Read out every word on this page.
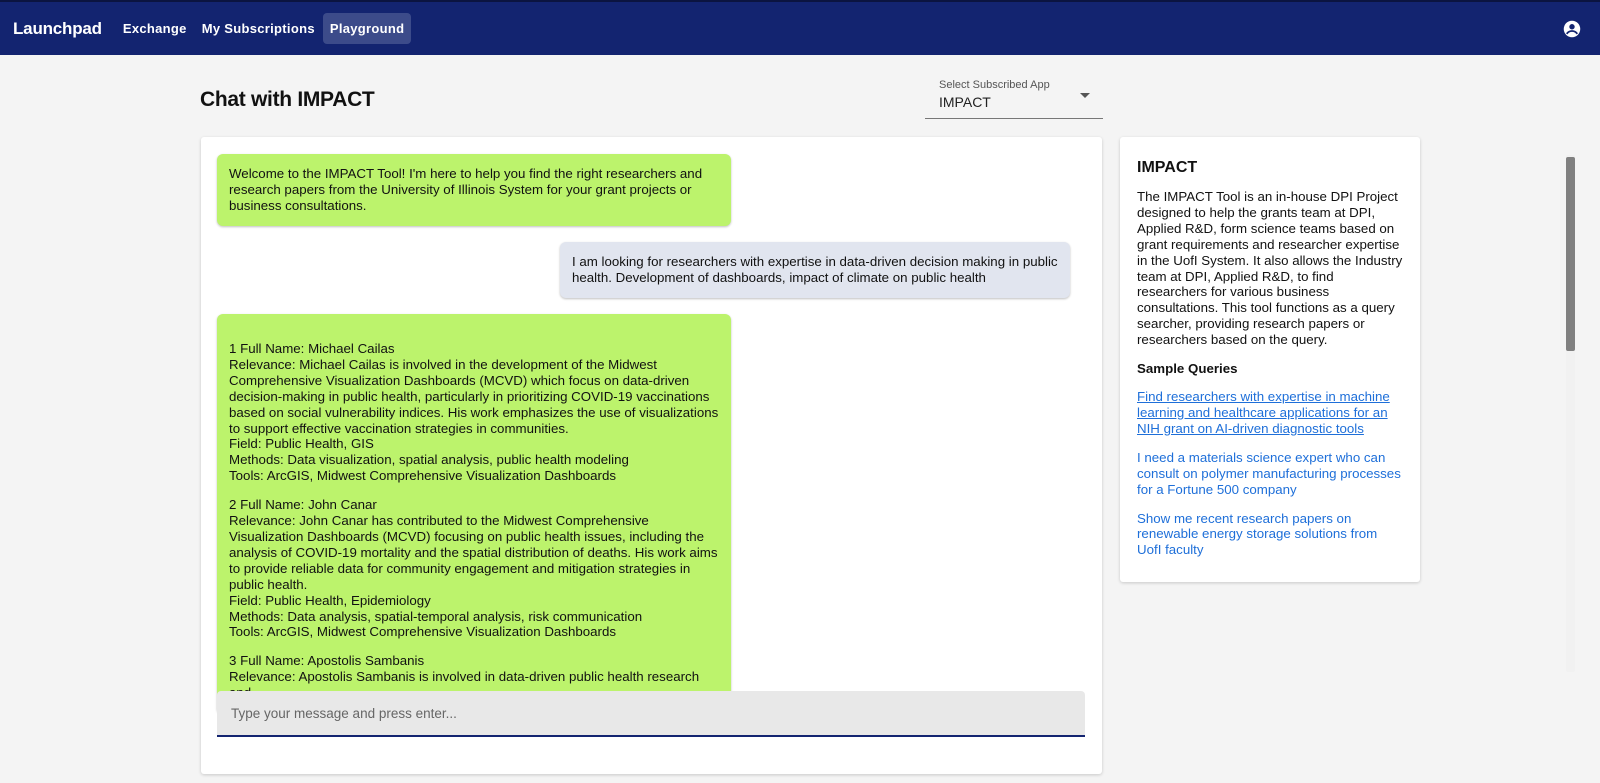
Launchpad	Exchange	My Subscriptions	Playground
Chat with IMPACT
Select Subscribed App
IMPACT

Welcome to the IMPACT Tool! I'm here to help you find the right researchers and research papers from the University of Illinois System for your grant projects or business consultations.

I am looking for researchers with expertise in data-driven decision making in public health. Development of dashboards, impact of climate on public health

1 Full Name: Michael Cailas

Relevance: Michael Cailas is involved in the development of the Midwest Comprehensive Visualization Dashboards (MCVD) which focus on data-driven decision-making in public health, particularly in prioritizing COVID-19 vaccinations based on social vulnerability indices. His work emphasizes the use of visualizations to support effective vaccination strategies in communities.

Field: Public Health, GIS

Methods: Data visualization, spatial analysis, public health modeling

Tools: ArcGIS, Midwest Comprehensive Visualization Dashboards

2 Full Name: John Canar

Relevance: John Canar has contributed to the Midwest Comprehensive Visualization Dashboards (MCVD) focusing on public health issues, including the analysis of COVID-19 mortality and the spatial distribution of deaths. His work aims to provide reliable data for community engagement and mitigation strategies in public health.

Field: Public Health, Epidemiology

Methods: Data analysis, spatial-temporal analysis, risk communication

Tools: ArcGIS, Midwest Comprehensive Visualization Dashboards

3 Full Name: Apostolis Sambanis

Relevance: Apostolis Sambanis is involved in data-driven public health research

Type your message and press enter...
IMPACT

The IMPACT Tool is an in-house DPI Project designed to help the grants team at DPI, Applied R&D, form science teams based on grant requirements and researcher expertise in the UofI System. It also allows the Industry team at DPI, Applied R&D, to find researchers for various business consultations. This tool functions as a query searcher, providing research papers or researchers based on the query.

Sample Queries
Find researchers with expertise in machine learning and healthcare applications for an NIH grant on AI-driven diagnostic tools
I need a materials science expert who can consult on polymer manufacturing processes for a Fortune 500 company
Show me recent research papers on renewable energy storage solutions from UofI faculty
